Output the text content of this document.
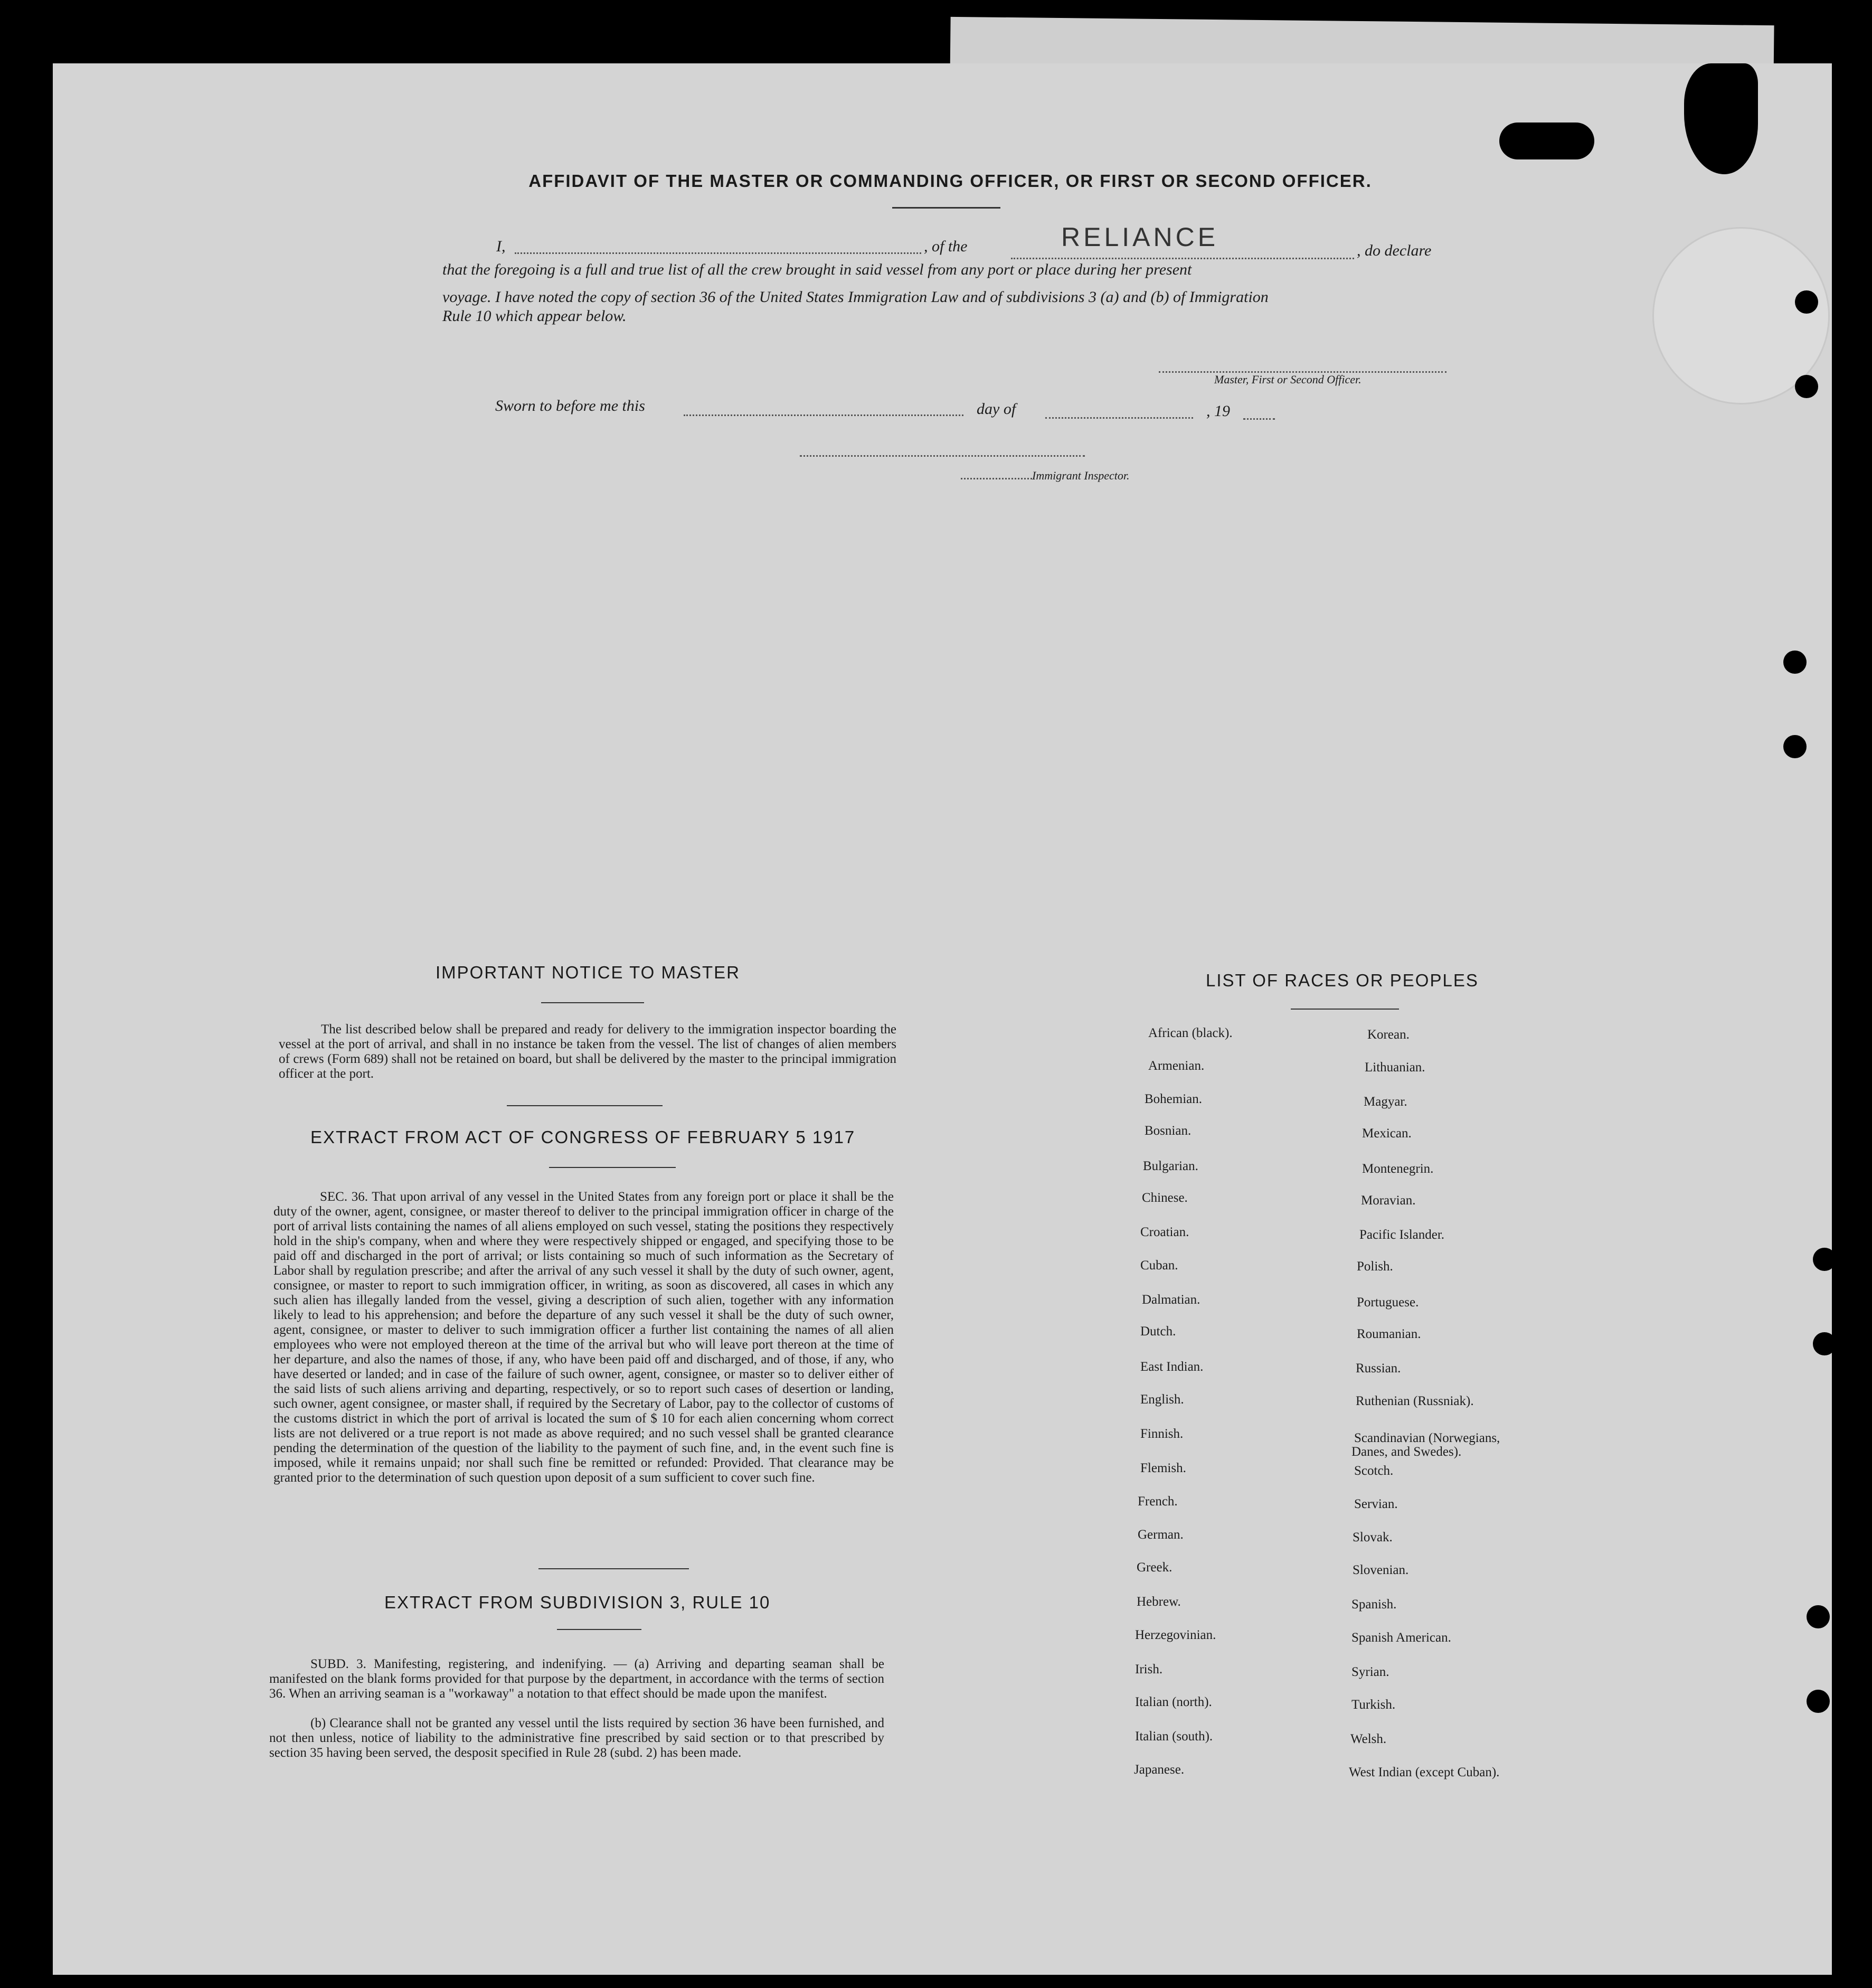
AFFIDAVIT OF THE MASTER OR COMMANDING OFFICER, OR FIRST OR SECOND OFFICER.
I,	, of the	RELIANCE	, do declare
that the foregoing is a full and true list of all the crew brought in said vessel from any port or place during her present
voyage. I have noted the copy of section 36 of the United States Immigration Law and of subdivisions 3 (a) and (b) of Immigration
Rule 10 which appear below.
Master, First or Second Officer.
Sworn to before me this	day of	, 19
Immigrant Inspector.
IMPORTANT NOTICE TO MASTER
The list described below shall be prepared and ready for delivery to the immigration inspector boarding the vessel at the port of arrival, and shall in no instance be taken from the vessel. The list of changes of alien members of crews (Form 689) shall not be retained on board, but shall be delivered by the master to the principal immigration officer at the port.
EXTRACT FROM ACT OF CONGRESS OF FEBRUARY 5 1917
SEC. 36. That upon arrival of any vessel in the United States from any foreign port or place it shall be the duty of the owner, agent, consignee, or master thereof to deliver to the principal immigration officer in charge of the port of arrival lists containing the names of all aliens employed on such vessel, stating the positions they respectively hold in the ship's company, when and where they were respectively shipped or engaged, and specifying those to be paid off and discharged in the port of arrival; or lists containing so much of such information as the Secretary of Labor shall by regulation prescribe; and after the arrival of any such vessel it shall by the duty of such owner, agent, consignee, or master to report to such immigration officer, in writing, as soon as discovered, all cases in which any such alien has illegally landed from the vessel, giving a description of such alien, together with any information likely to lead to his apprehension; and before the departure of any such vessel it shall be the duty of such owner, agent, consignee, or master to deliver to such immigration officer a further list containing the names of all alien employees who were not employed thereon at the time of the arrival but who will leave port thereon at the time of her departure, and also the names of those, if any, who have been paid off and discharged, and of those, if any, who have deserted or landed; and in case of the failure of such owner, agent, consignee, or master so to deliver either of the said lists of such aliens arriving and departing, respectively, or so to report such cases of desertion or landing, such owner, agent consignee, or master shall, if required by the Secretary of Labor, pay to the collector of customs of the customs district in which the port of arrival is located the sum of $ 10 for each alien concerning whom correct lists are not delivered or a true report is not made as above required; and no such vessel shall be granted clearance pending the determination of the question of the liability to the payment of such fine, and, in the event such fine is imposed, while it remains unpaid; nor shall such fine be remitted or refunded: Provided. That clearance may be granted prior to the determination of such question upon deposit of a sum sufficient to cover such fine.
EXTRACT FROM SUBDIVISION 3, RULE 10
SUBD. 3. Manifesting, registering, and indenifying. — (a) Arriving and departing seaman shall be manifested on the blank forms provided for that purpose by the department, in accordance with the terms of section 36. When an arriving seaman is a "workaway" a notation to that effect should be made upon the manifest.
(b) Clearance shall not be granted any vessel until the lists required by section 36 have been furnished, and not then unless, notice of liability to the administrative fine prescribed by said section or to that prescribed by section 35 having been served, the desposit specified in Rule 28 (subd. 2) has been made.
LIST OF RACES OR PEOPLES
African (black).
Armenian.
Bohemian.
Bosnian.
Bulgarian.
Chinese.
Croatian.
Cuban.
Dalmatian.
Dutch.
East Indian.
English.
Finnish.
Flemish.
French.
German.
Greek.
Hebrew.
Herzegovinian.
Irish.
Italian (north).
Italian (south).
Japanese.
Korean.
Lithuanian.
Magyar.
Mexican.
Montenegrin.
Moravian.
Pacific Islander.
Polish.
Portuguese.
Roumanian.
Russian.
Ruthenian (Russniak).
Scandinavian (Norwegians,
Scotch.
Servian.
Slovak.
Slovenian.
Spanish.
Spanish American.
Syrian.
Turkish.
Welsh.
West Indian (except Cuban).
Danes, and Swedes).
